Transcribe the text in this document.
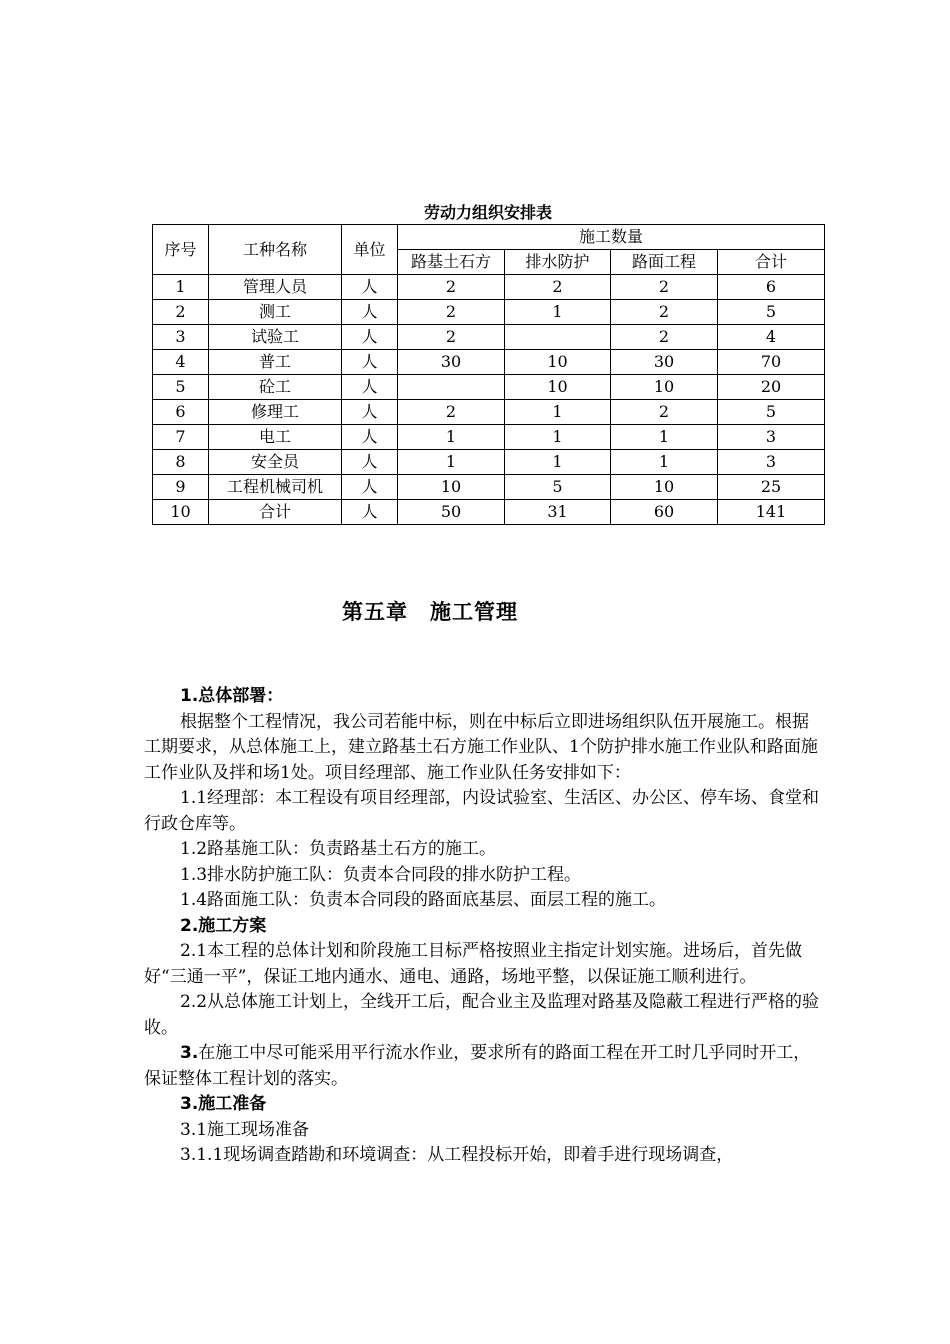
劳动力组织安排表
序号	工种名称	单位	施工数量			
			路基土石方	排水防护	路面工程	合计
1	管理人员	人	2	2	2	6
2	测工	人	2	1	2	5
3	试验工	人	2		2	4
4	普工	人	30	10	30	70
5	砼工	人		10	10	20
6	修理工	人	2	1	2	5
7	电工	人	1	1	1	3
8	安全员	人	1	1	1	3
9	工程机械司机	人	10	5	10	25
10	合计	人	50	31	60	141
第五章　施工管理

1.总体部署：

根据整个工程情况，我公司若能中标，则在中标后立即进场组织队伍开展施工。根据工期要求，从总体施工上，建立路基土石方施工作业队、1个防护排水施工作业队和路面施工作业队及拌和场1处。项目经理部、施工作业队任务安排如下：

1.1经理部：本工程设有项目经理部，内设试验室、生活区、办公区、停车场、食堂和行政仓库等。

1.2路基施工队：负责路基土石方的施工。

1.3排水防护施工队：负责本合同段的排水防护工程。

1.4路面施工队：负责本合同段的路面底基层、面层工程的施工。

2.施工方案

2.1本工程的总体计划和阶段施工目标严格按照业主指定计划实施。进场后，首先做好“三通一平”，保证工地内通水、通电、通路，场地平整，以保证施工顺利进行。

2.2从总体施工计划上，全线开工后，配合业主及监理对路基及隐蔽工程进行严格的验收。

3.在施工中尽可能采用平行流水作业，要求所有的路面工程在开工时几乎同时开工，保证整体工程计划的落实。

3.施工准备

3.1施工现场准备

3.1.1现场调查踏勘和环境调查：从工程投标开始，即着手进行现场调查，
